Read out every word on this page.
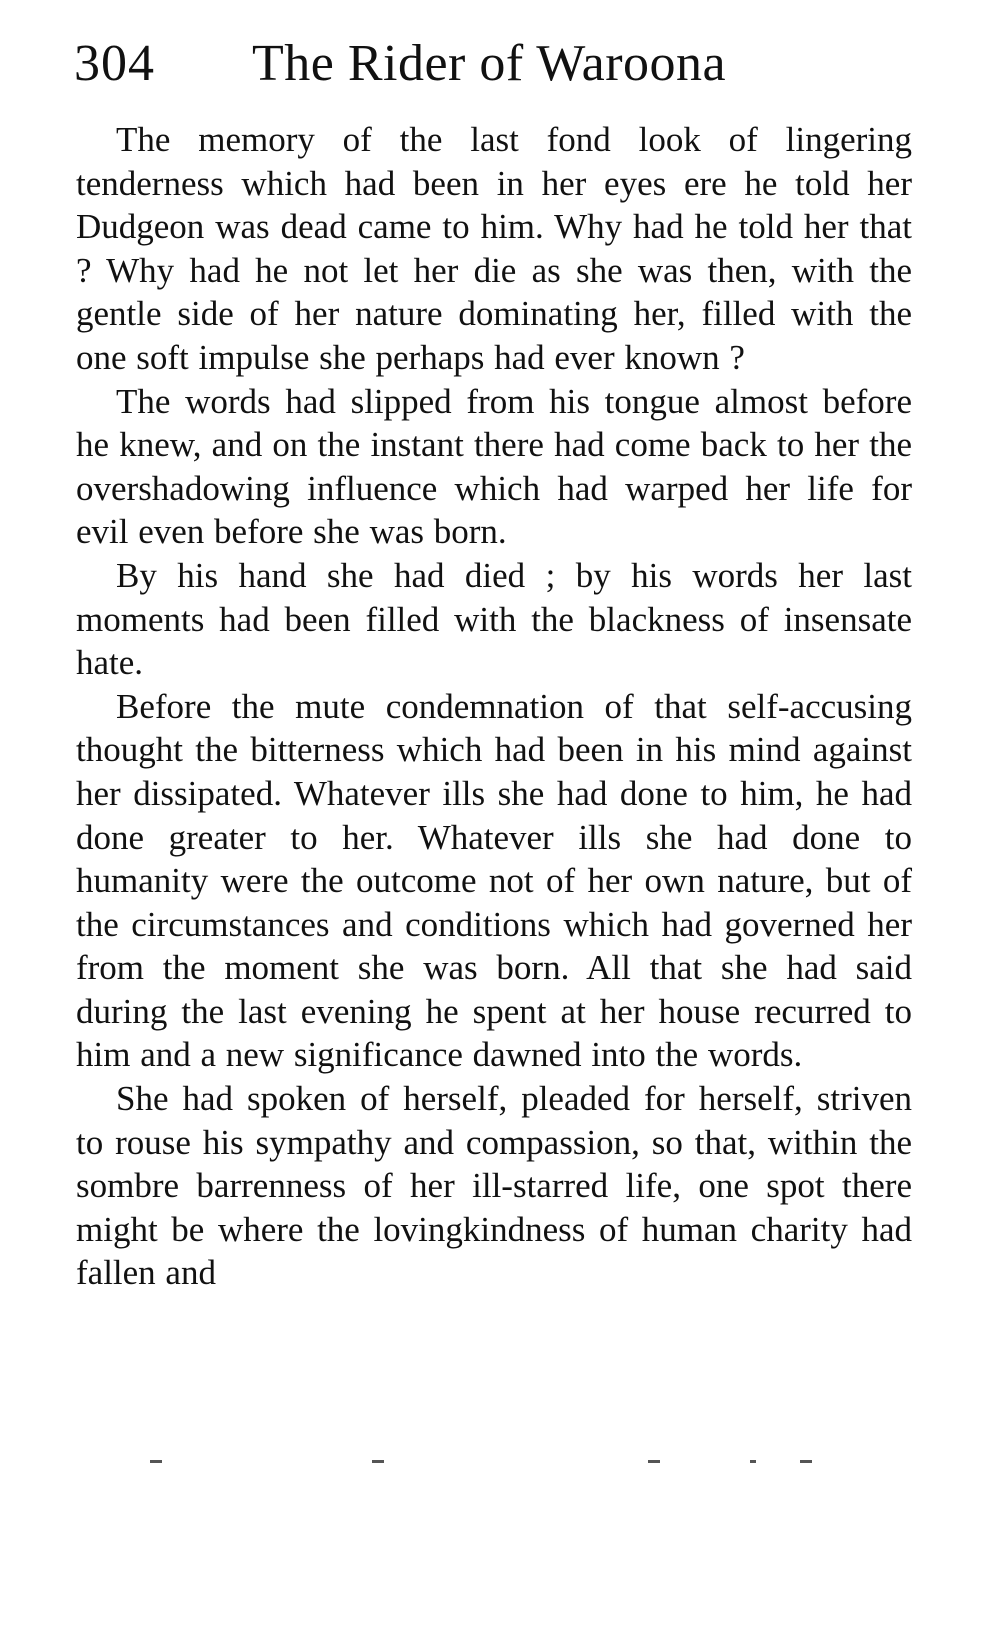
304 The Rider of Waroona

The memory of the last fond look of lingering tenderness which had been in her eyes ere he told her Dudgeon was dead came to him. Why had he told her that ? Why had he not let her die as she was then, with the gentle side of her nature dominating her, filled with the one soft impulse she perhaps had ever known ?

The words had slipped from his tongue almost before he knew, and on the instant there had come back to her the overshadowing influence which had warped her life for evil even before she was born.

By his hand she had died ; by his words her last moments had been filled with the blackness of insensate hate.

Before the mute condemnation of that self-​accusing thought the bitterness which had been in his mind against her dissipated. Whatever ills she had done to him, he had done greater to her. Whatever ills she had done to humanity were the outcome not of her own nature, but of the circumstances and conditions which had governed her from the moment she was born. All that she had said during the last evening he spent at her house recurred to him and a new significance dawned into the words.

She had spoken of herself, pleaded for herself, striven to rouse his sympathy and compassion, so that, within the sombre barrenness of her ill-​starred life, one spot there might be where the lovingkindness of human charity had fallen and
